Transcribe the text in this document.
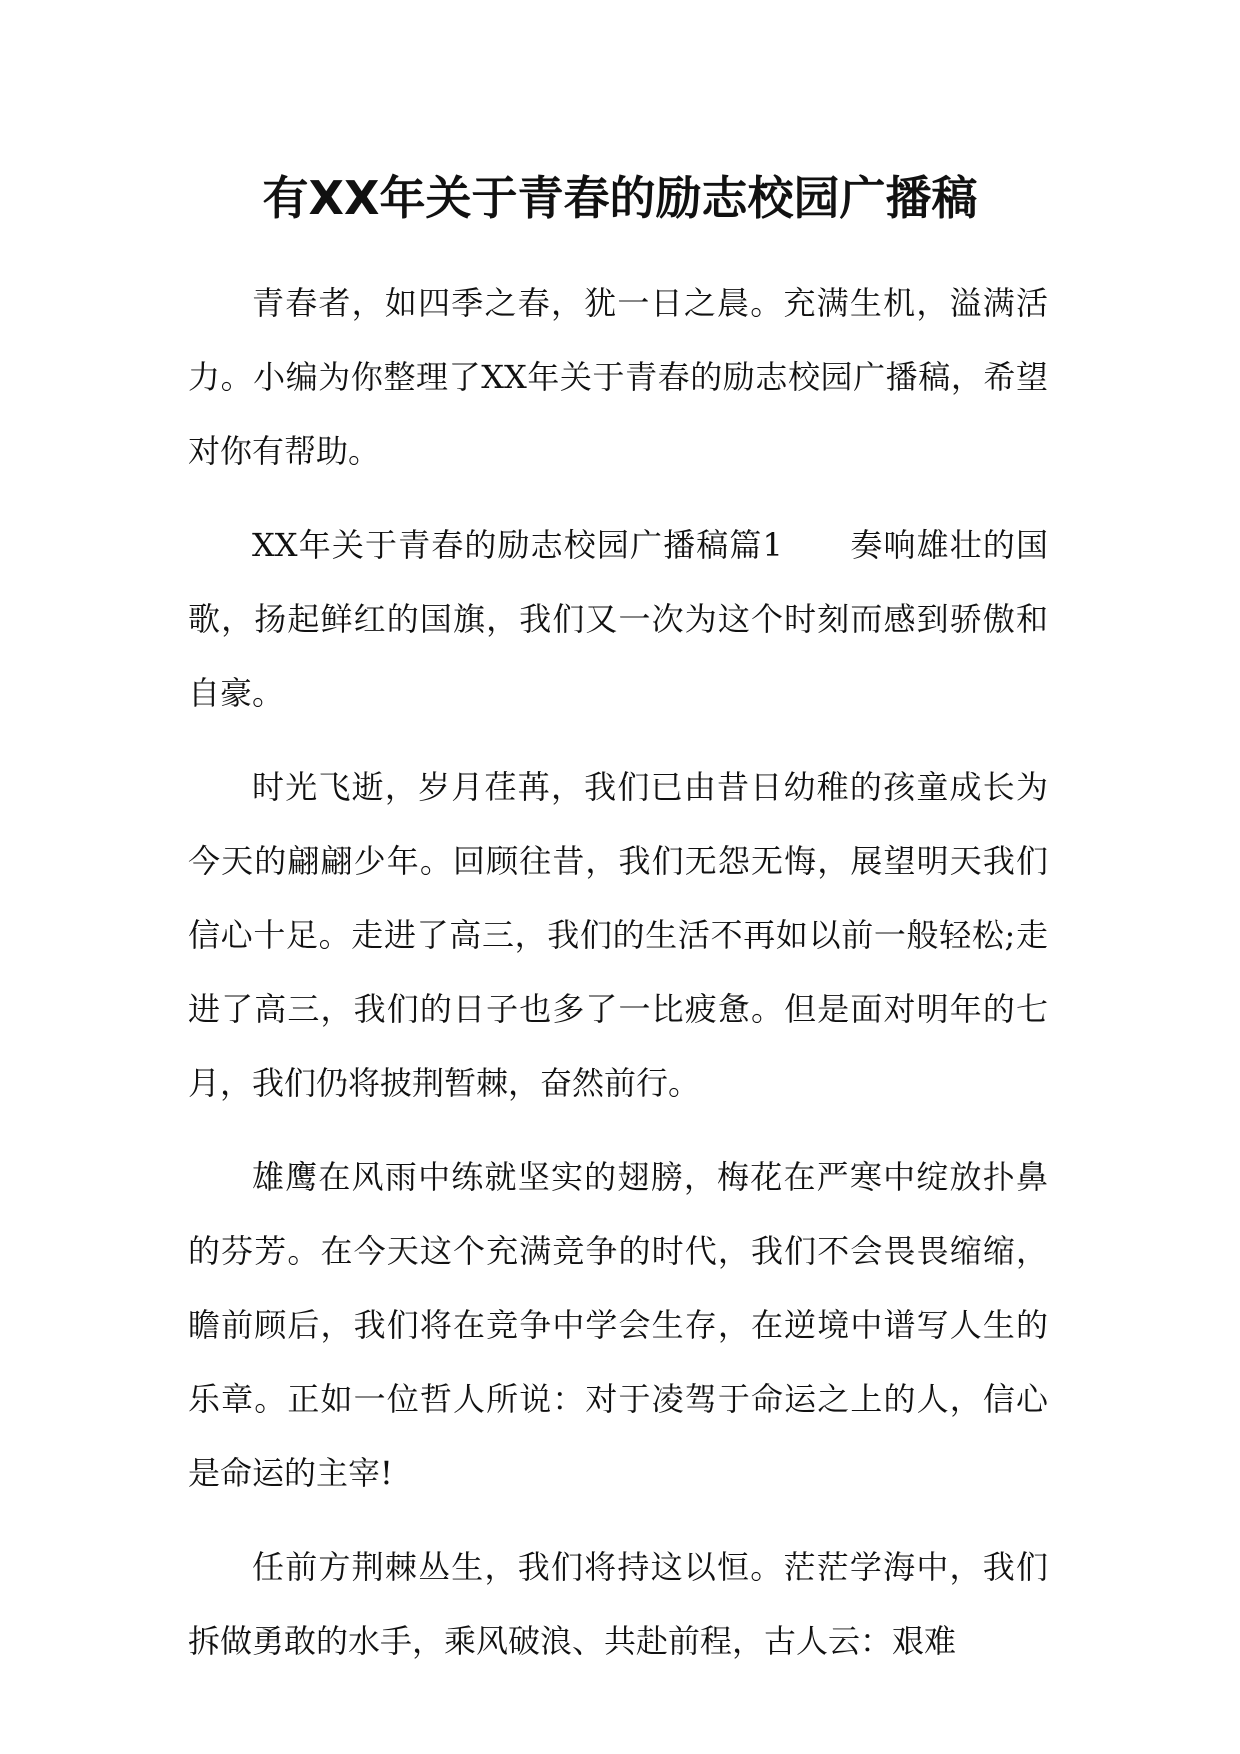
有XX年关于青春的励志校园广播稿

青春者，如四季之春，犹一日之晨。充满生机，溢满活力。小编为你整理了XX年关于青春的励志校园广播稿，希望对你有帮助。

XX年关于青春的励志校园广播稿篇1　　奏响雄壮的国歌，扬起鲜红的国旗，我们又一次为这个时刻而感到骄傲和自豪。

时光飞逝，岁月荏苒，我们已由昔日幼稚的孩童成长为今天的翩翩少年。回顾往昔，我们无怨无悔，展望明天我们信心十足。走进了高三，我们的生活不再如以前一般轻松;走进了高三，我们的日子也多了一比疲惫。但是面对明年的七月，我们仍将披荆暂棘，奋然前行。

雄鹰在风雨中练就坚实的翅膀，梅花在严寒中绽放扑鼻的芬芳。在今天这个充满竞争的时代，我们不会畏畏缩缩，瞻前顾后，我们将在竞争中学会生存，在逆境中谱写人生的乐章。正如一位哲人所说：对于凌驾于命运之上的人，信心是命运的主宰!

任前方荆棘丛生，我们将持这以恒。茫茫学海中，我们拆做勇敢的水手，乘风破浪、共赴前程，古人云：艰难
